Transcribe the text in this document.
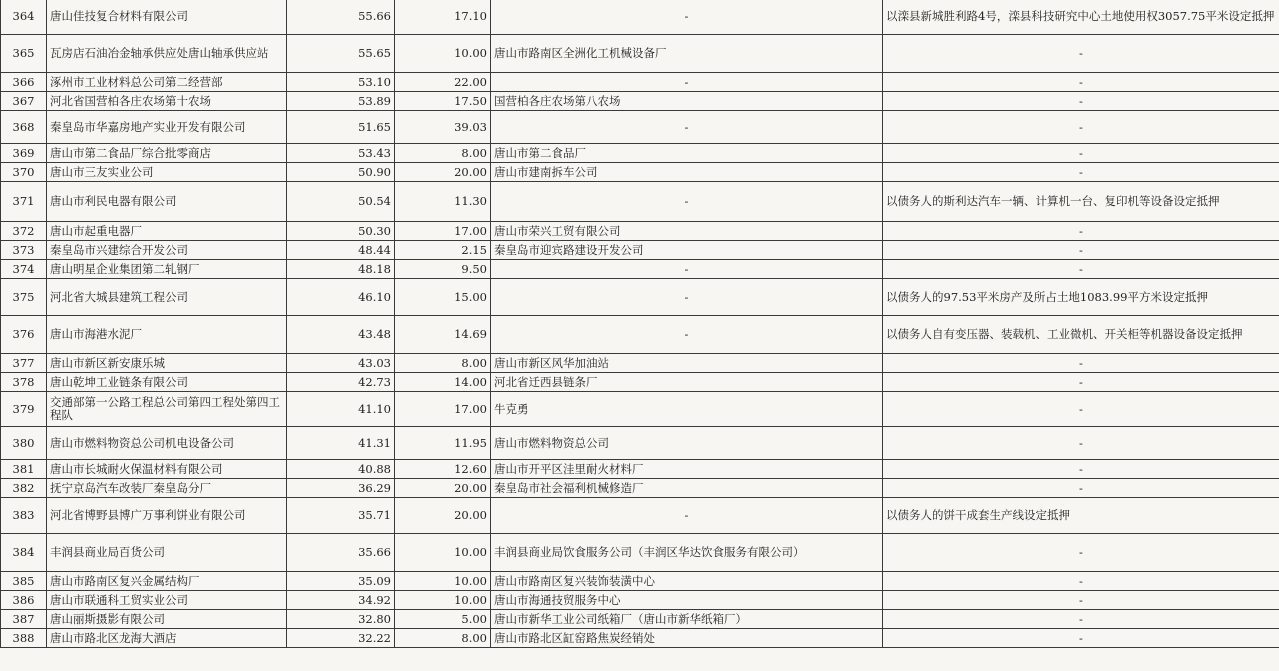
364	唐山佳技复合材料有限公司	55.66	17.10	-	以滦县新城胜利路4号，滦县科技研究中心土地使用权3057.75平米设定抵押
365	瓦房店石油冶金轴承供应处唐山轴承供应站	55.65	10.00	唐山市路南区全洲化工机械设备厂	-
366	涿州市工业材料总公司第二经营部	53.10	22.00	-	-
367	河北省国营柏各庄农场第十农场	53.89	17.50	国营柏各庄农场第八农场	-
368	秦皇岛市华嘉房地产实业开发有限公司	51.65	39.03	-	-
369	唐山市第二食品厂综合批零商店	53.43	8.00	唐山市第二食品厂	-
370	唐山市三友实业公司	50.90	20.00	唐山市建南拆车公司	-
371	唐山市利民电器有限公司	50.54	11.30	-	以债务人的斯利达汽车一辆、计算机一台、复印机等设备设定抵押
372	唐山市起重电器厂	50.30	17.00	唐山市荣兴工贸有限公司	-
373	秦皇岛市兴建综合开发公司	48.44	2.15	秦皇岛市迎宾路建设开发公司	-
374	唐山明星企业集团第二轧钢厂	48.18	9.50	-	-
375	河北省大城县建筑工程公司	46.10	15.00	-	以债务人的97.53平米房产及所占土地1083.99平方米设定抵押
376	唐山市海港水泥厂	43.48	14.69	-	以债务人自有变压器、装载机、工业微机、开关柜等机器设备设定抵押
377	唐山市新区新安康乐城	43.03	8.00	唐山市新区风华加油站	-
378	唐山乾坤工业链条有限公司	42.73	14.00	河北省迁西县链条厂	-
379	交通部第一公路工程总公司第四工程处第四工程队	41.10	17.00	牛克勇	-
380	唐山市燃料物资总公司机电设备公司	41.31	11.95	唐山市燃料物资总公司	-
381	唐山市长城耐火保温材料有限公司	40.88	12.60	唐山市开平区洼里耐火材料厂	-
382	抚宁京岛汽车改装厂秦皇岛分厂	36.29	20.00	秦皇岛市社会福利机械修造厂	-
383	河北省博野县博广万事利饼业有限公司	35.71	20.00	-	以债务人的饼干成套生产线设定抵押
384	丰润县商业局百货公司	35.66	10.00	丰润县商业局饮食服务公司（丰润区华达饮食服务有限公司）	-
385	唐山市路南区复兴金属结构厂	35.09	10.00	唐山市路南区复兴装饰装潢中心	-
386	唐山市联通科工贸实业公司	34.92	10.00	唐山市海通技贸服务中心	-
387	唐山丽斯摄影有限公司	32.80	5.00	唐山市新华工业公司纸箱厂（唐山市新华纸箱厂）	-
388	唐山市路北区龙海大酒店	32.22	8.00	唐山市路北区缸窑路焦炭经销处	-
